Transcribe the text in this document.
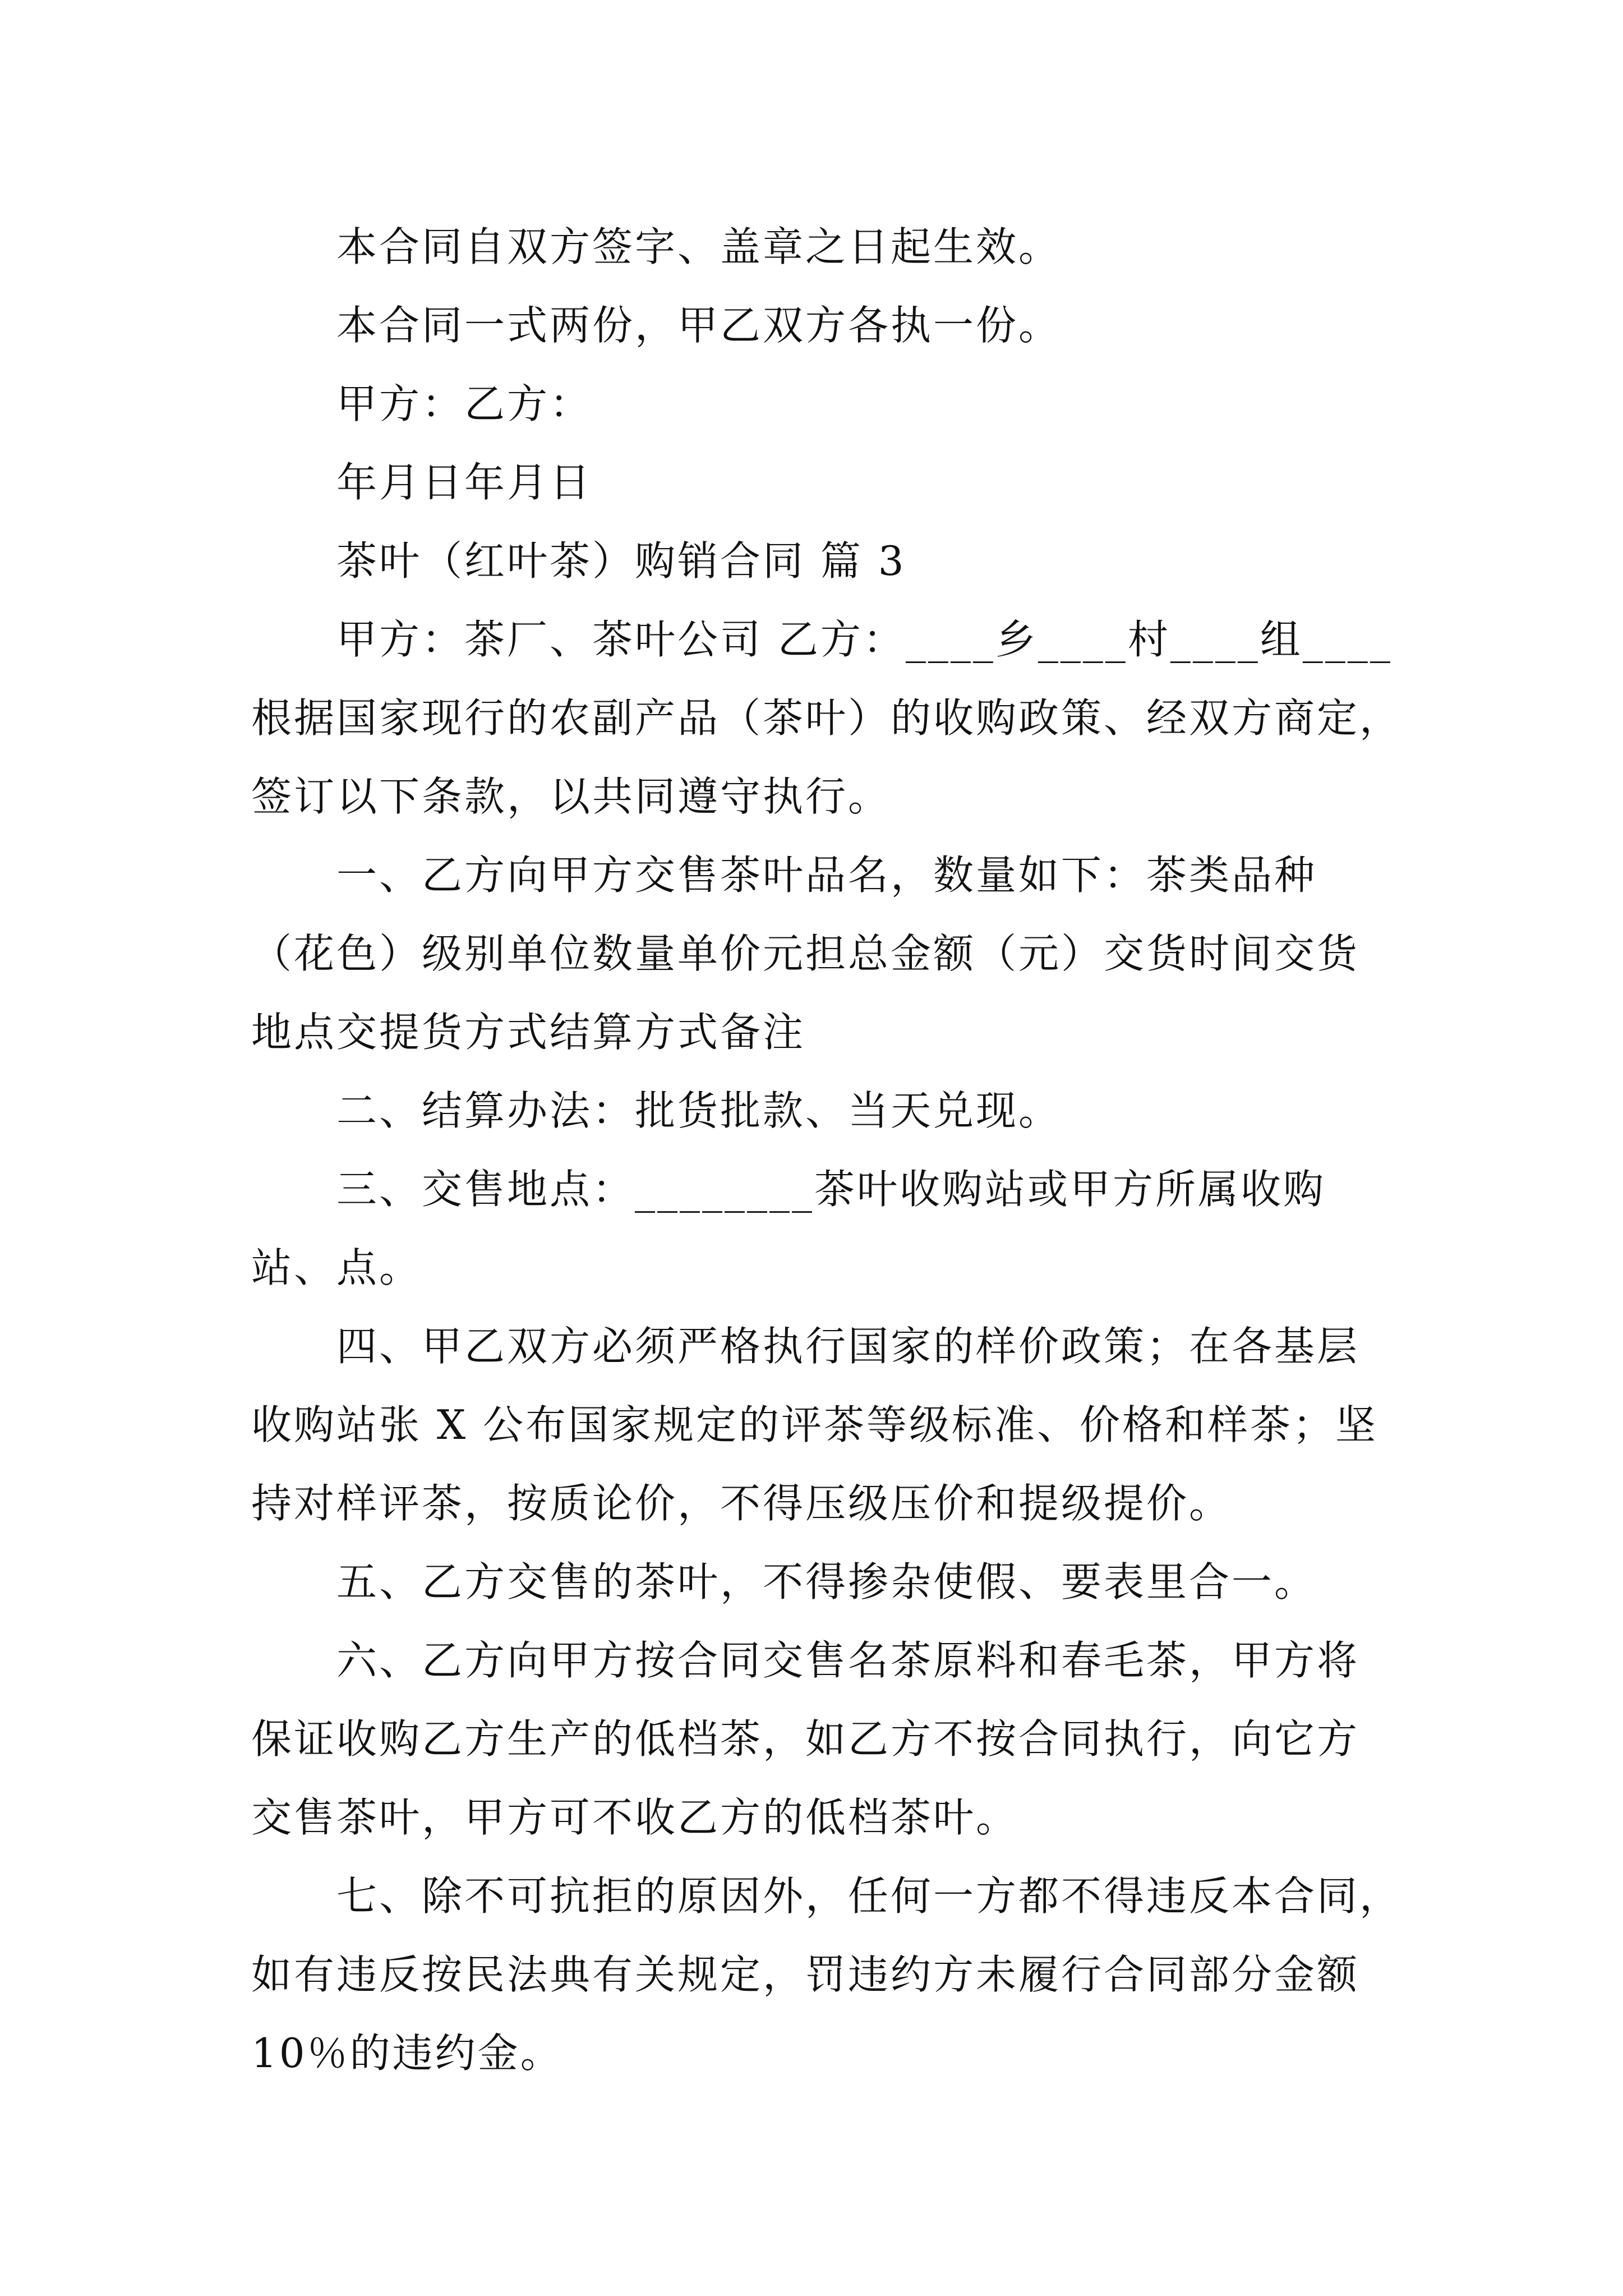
本合同自双方签字、盖章之日起生效。
本合同一式两份，甲乙双方各执一份。
甲方：乙方：
年月日年月日
茶叶（红叶茶）购销合同 篇 3
甲方：茶厂、茶叶公司 乙方：____乡____村____组____
根据国家现行的农副产品（茶叶）的收购政策、经双方商定，
签订以下条款，以共同遵守执行。
一、乙方向甲方交售茶叶品名，数量如下：茶类品种
（花色）级别单位数量单价元担总金额（元）交货时间交货
地点交提货方式结算方式备注
二、结算办法：批货批款、当天兑现。
三、交售地点：________茶叶收购站或甲方所属收购
站、点。
四、甲乙双方必须严格执行国家的样价政策；在各基层
收购站张 X 公布国家规定的评茶等级标准、价格和样茶；坚
持对样评茶，按质论价，不得压级压价和提级提价。
五、乙方交售的茶叶，不得掺杂使假、要表里合一。
六、乙方向甲方按合同交售名茶原料和春毛茶，甲方将
保证收购乙方生产的低档茶，如乙方不按合同执行，向它方
交售茶叶，甲方可不收乙方的低档茶叶。
七、除不可抗拒的原因外，任何一方都不得违反本合同，
如有违反按民法典有关规定，罚违约方未履行合同部分金额
10％的违约金。
